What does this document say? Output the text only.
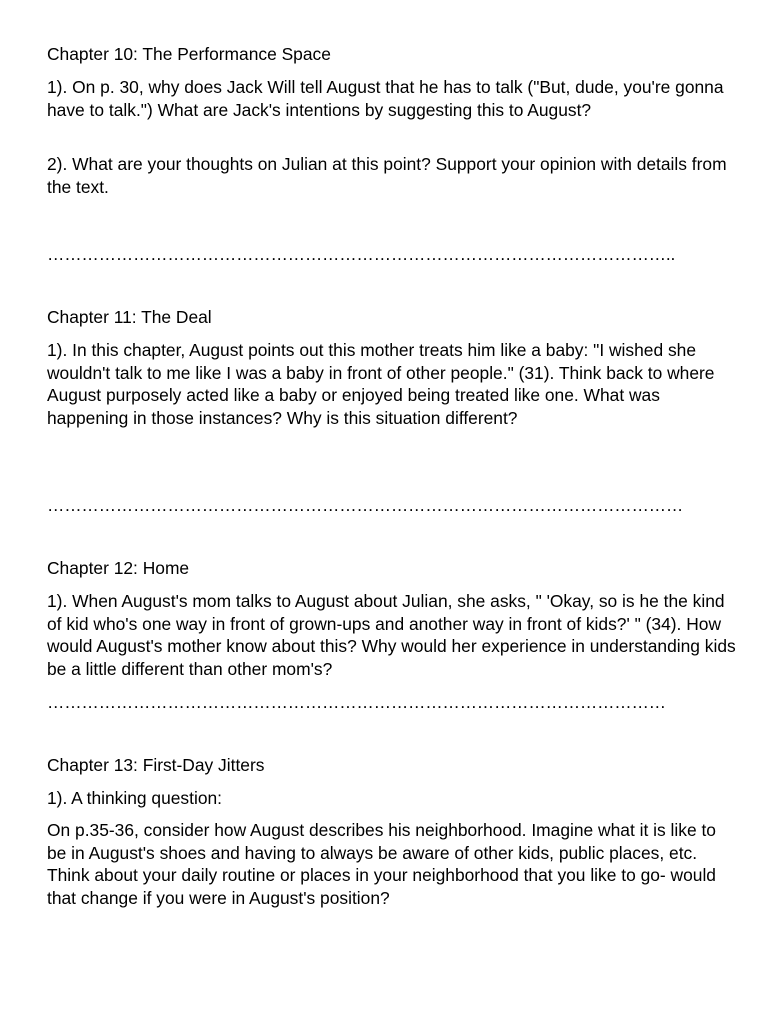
Chapter 10: The Performance Space

1). On p. 30, why does Jack Will tell August that he has to talk ("But, dude, you're gonna have to talk.") What are Jack's intentions by suggesting this to August?

2). What are your thoughts on Julian at this point? Support your opinion with details from the text.

………………………………………………………………………………………………..
Chapter 11: The Deal

1). In this chapter, August points out this mother treats him like a baby: "I wished she wouldn't talk to me like I was a baby in front of other people." (31). Think back to where August purposely acted like a baby or enjoyed being treated like one. What was happening in those instances? Why is this situation different?

…………………………………………………………………………………………………
Chapter 12: Home

1). When August's mom talks to August about Julian, she asks, " 'Okay, so is he the kind of kid who's one way in front of grown-ups and another way in front of kids?' " (34). How would August's mother know about this? Why would her experience in understanding kids be a little different than other mom's?

………………………………………………………………………………………………
Chapter 13: First-Day Jitters

1). A thinking question:

On p.35-36, consider how August describes his neighborhood. Imagine what it is like to be in August's shoes and having to always be aware of other kids, public places, etc. Think about your daily routine or places in your neighborhood that you like to go- would that change if you were in August's position?
